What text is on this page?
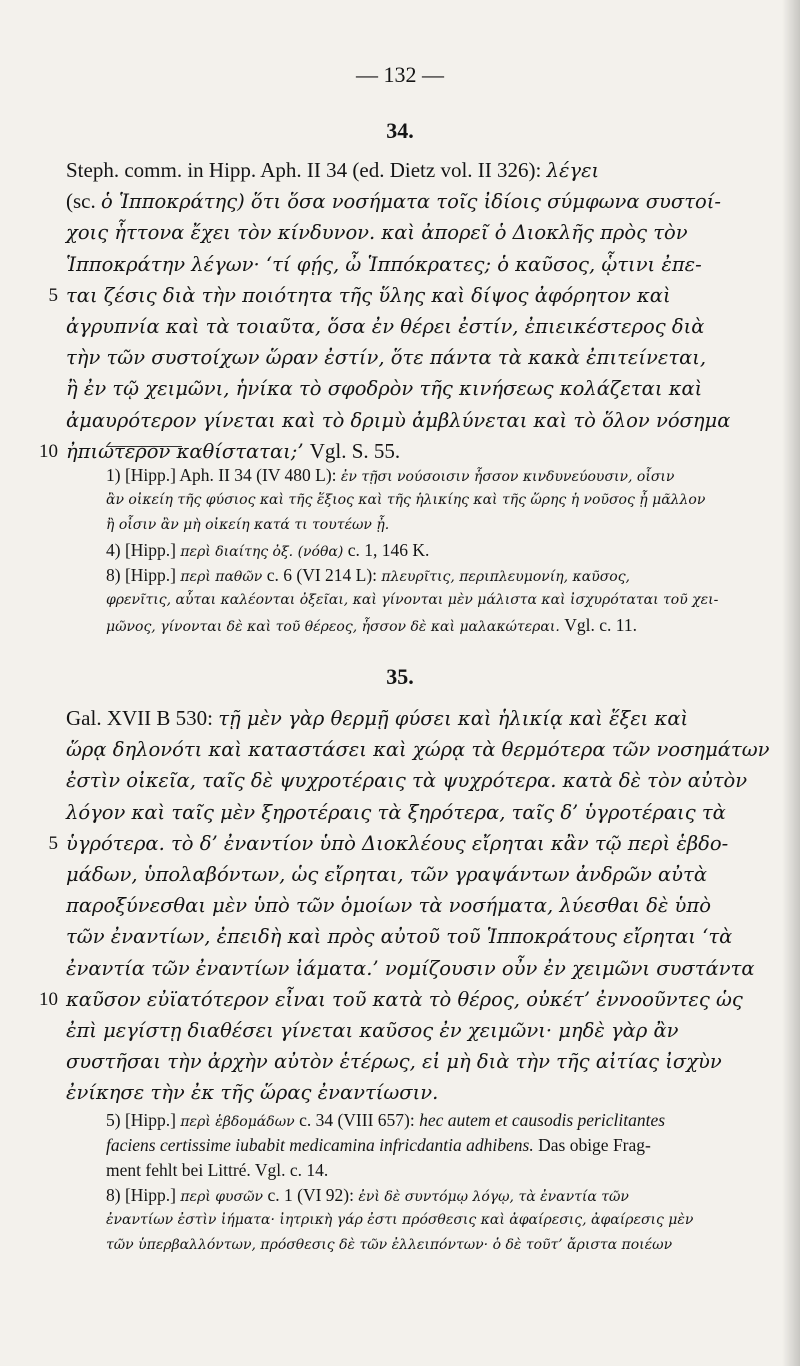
— 132 —
34.
Steph. comm. in Hipp. Aph. II 34 (ed. Dietz vol. II 326): λέγει
(sc. ὁ Ἱπποκράτης) ὅτι ὅσα νοσήματα τοῖς ἰδίοις σύμφωνα συστοί-
χοις ἧττονα ἔχει τὸν κίνδυνον. καὶ ἀπορεῖ ὁ Διοκλῆς πρὸς τὸν
Ἱπποκράτην λέγων· ‘τί φῄς, ὦ Ἱππόκρατες; ὁ καῦσος, ᾧτινι ἐπε-
5 ται ζέσις διὰ τὴν ποιότητα τῆς ὕλης καὶ δίψος ἀφόρητον καὶ
ἀγρυπνία καὶ τὰ τοιαῦτα, ὅσα ἐν θέρει ἐστίν, ἐπιεικέστερος διὰ
τὴν τῶν συστοίχων ὥραν ἐστίν, ὅτε πάντα τὰ κακὰ ἐπιτείνεται,
ἢ ἐν τῷ χειμῶνι, ἡνίκα τὸ σφοδρὸν τῆς κινήσεως κολάζεται καὶ
ἀμαυρότερον γίνεται καὶ τὸ δριμὺ ἀμβλύνεται καὶ τὸ ὅλον νόσημα
10 ἠπιώτερον καθίσταται;’ Vgl. S. 55.
1) [Hipp.] Aph. II 34 (IV 480 L): ἐν τῇσι νούσοισιν ἧσσον κινδυνεύουσιν, οἷσιν
ἂν οἰκείη τῆς φύσιος καὶ τῆς ἕξιος καὶ τῆς ἡλικίης καὶ τῆς ὥρης ἡ νοῦσος ᾖ μᾶλλον
ἢ οἷσιν ἂν μὴ οἰκείη κατά τι τουτέων ᾖ.
4) [Hipp.] περὶ διαίτης ὀξ. (νόθα) c. 1, 146 K.
8) [Hipp.] περὶ παθῶν c. 6 (VI 214 L): πλευρῖτις, περιπλευμονίη, καῦσος,
φρενῖτις, αὗται καλέονται ὀξεῖαι, καὶ γίνονται μὲν μάλιστα καὶ ἰσχυρόταται τοῦ χει-
μῶνος, γίνονται δὲ καὶ τοῦ θέρεος, ἧσσον δὲ καὶ μαλακώτεραι. Vgl. c. 11.
35.
Gal. XVII B 530: τῇ μὲν γὰρ θερμῇ φύσει καὶ ἡλικίᾳ καὶ ἕξει καὶ
ὥρᾳ δηλονότι καὶ καταστάσει καὶ χώρᾳ τὰ θερμότερα τῶν νοσημάτων
ἐστὶν οἰκεῖα, ταῖς δὲ ψυχροτέραις τὰ ψυχρότερα. κατὰ δὲ τὸν αὐτὸν
λόγον καὶ ταῖς μὲν ξηροτέραις τὰ ξηρότερα, ταῖς δ’ ὑγροτέραις τὰ
5 ὑγρότερα. τὸ δ’ ἐναντίον ὑπὸ Διοκλέους εἴρηται κἂν τῷ περὶ ἑβδο-
μάδων, ὑπολαβόντων, ὡς εἴρηται, τῶν γραψάντων ἀνδρῶν αὐτὰ
παροξύνεσθαι μὲν ὑπὸ τῶν ὁμοίων τὰ νοσήματα, λύεσθαι δὲ ὑπὸ
τῶν ἐναντίων, ἐπειδὴ καὶ πρὸς αὐτοῦ τοῦ Ἱπποκράτους εἴρηται ‘τὰ
ἐναντία τῶν ἐναντίων ἰάματα.’ νομίζουσιν οὖν ἐν χειμῶνι συστάντα
10 καῦσον εὐϊατότερον εἶναι τοῦ κατὰ τὸ θέρος, οὐκέτ’ ἐννοοῦντες ὡς
ἐπὶ μεγίστῃ διαθέσει γίνεται καῦσος ἐν χειμῶνι· μηδὲ γὰρ ἂν
συστῆσαι τὴν ἀρχὴν αὐτὸν ἑτέρως, εἰ μὴ διὰ τὴν τῆς αἰτίας ἰσχὺν
ἐνίκησε τὴν ἐκ τῆς ὥρας ἐναντίωσιν.
5) [Hipp.] περὶ ἑβδομάδων c. 34 (VIII 657): hec autem et causodis periclitantes
faciens certissime iubabit medicamina infricdantia adhibens. Das obige Frag-
ment fehlt bei Littré. Vgl. c. 14.
8) [Hipp.] περὶ φυσῶν c. 1 (VI 92): ἐνὶ δὲ συντόμῳ λόγῳ, τὰ ἐναντία τῶν
ἐναντίων ἐστὶν ἰήματα· ἰητρικὴ γάρ ἐστι πρόσθεσις καὶ ἀφαίρεσις, ἀφαίρεσις μὲν
τῶν ὑπερβαλλόντων, πρόσθεσις δὲ τῶν ἐλλειπόντων· ὁ δὲ τοῦτ’ ἄριστα ποιέων
